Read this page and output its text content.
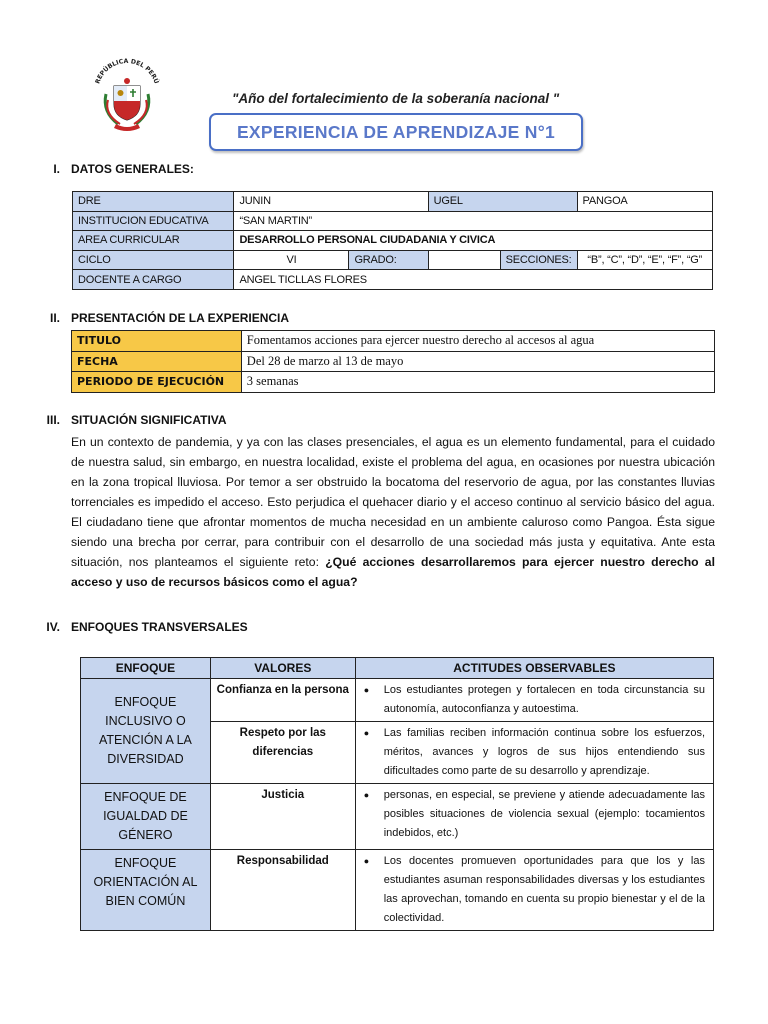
REPÚBLICA DEL PERÚ
"Año del fortalecimiento de la soberanía nacional "
EXPERIENCIA DE APRENDIZAJE N°1
I. DATOS GENERALES:
DRE	JUNIN		UGEL		PANGOA
INSTITUCION EDUCATIVA	“SAN MARTIN”				
AREA CURRICULAR	DESARROLLO PERSONAL CIUDADANIA Y CIVICA				
CICLO	VI	GRADO:		SECCIONES:	“B”, “C”, “D”, “E”, “F”, “G”
DOCENTE A CARGO	ANGEL TICLLAS FLORES				
II. PRESENTACIÓN DE LA EXPERIENCIA
TITULO	Fomentamos acciones para ejercer nuestro derecho al accesos al agua
FECHA	Del 28 de marzo al 13 de mayo
PERIODO DE EJECUCIÓN	3 semanas
III. SITUACIÓN SIGNIFICATIVA
En un contexto de pandemia, y ya con las clases presenciales, el agua es un elemento fundamental, para el cuidado de nuestra salud, sin embargo, en nuestra localidad, existe el problema del agua, en ocasiones por nuestra ubicación en la zona tropical lluviosa. Por temor a ser obstruido la bocatoma del reservorio de agua, por las constantes lluvias torrenciales es impedido el acceso. Esto perjudica el quehacer diario y el acceso continuo al servicio básico del agua. El ciudadano tiene que afrontar momentos de mucha necesidad en un ambiente caluroso como Pangoa. Ésta sigue siendo una brecha por cerrar, para contribuir con el desarrollo de una sociedad más justa y equitativa. Ante esta situación, nos planteamos el siguiente reto: ¿Qué acciones desarrollaremos para ejercer nuestro derecho al acceso y uso de recursos básicos como el agua?
IV. ENFOQUES TRANSVERSALES
ENFOQUE	VALORES	ACTITUDES OBSERVABLES
ENFOQUE INCLUSIVO O ATENCIÓN A LA DIVERSIDAD	Confianza en la persona	● Los estudiantes protegen y fortalecen en toda circunstancia su autonomía, autoconfianza y autoestima.

	Respeto por las diferencias	● Las familias reciben información continua sobre los esfuerzos, méritos, avances y logros de sus hijos entendiendo sus dificultades como parte de su desarrollo y aprendizaje.

ENFOQUE DE IGUALDAD DE GÉNERO	Justicia	● personas, en especial, se previene y atiende adecuadamente las posibles situaciones de violencia sexual (ejemplo: tocamientos indebidos, etc.)

ENFOQUE ORIENTACIÓN AL BIEN COMÚN	Responsabilidad	● Los docentes promueven oportunidades para que los y las estudiantes asuman responsabilidades diversas y los estudiantes las aprovechan, tomando en cuenta su propio bienestar y el de la colectividad.
